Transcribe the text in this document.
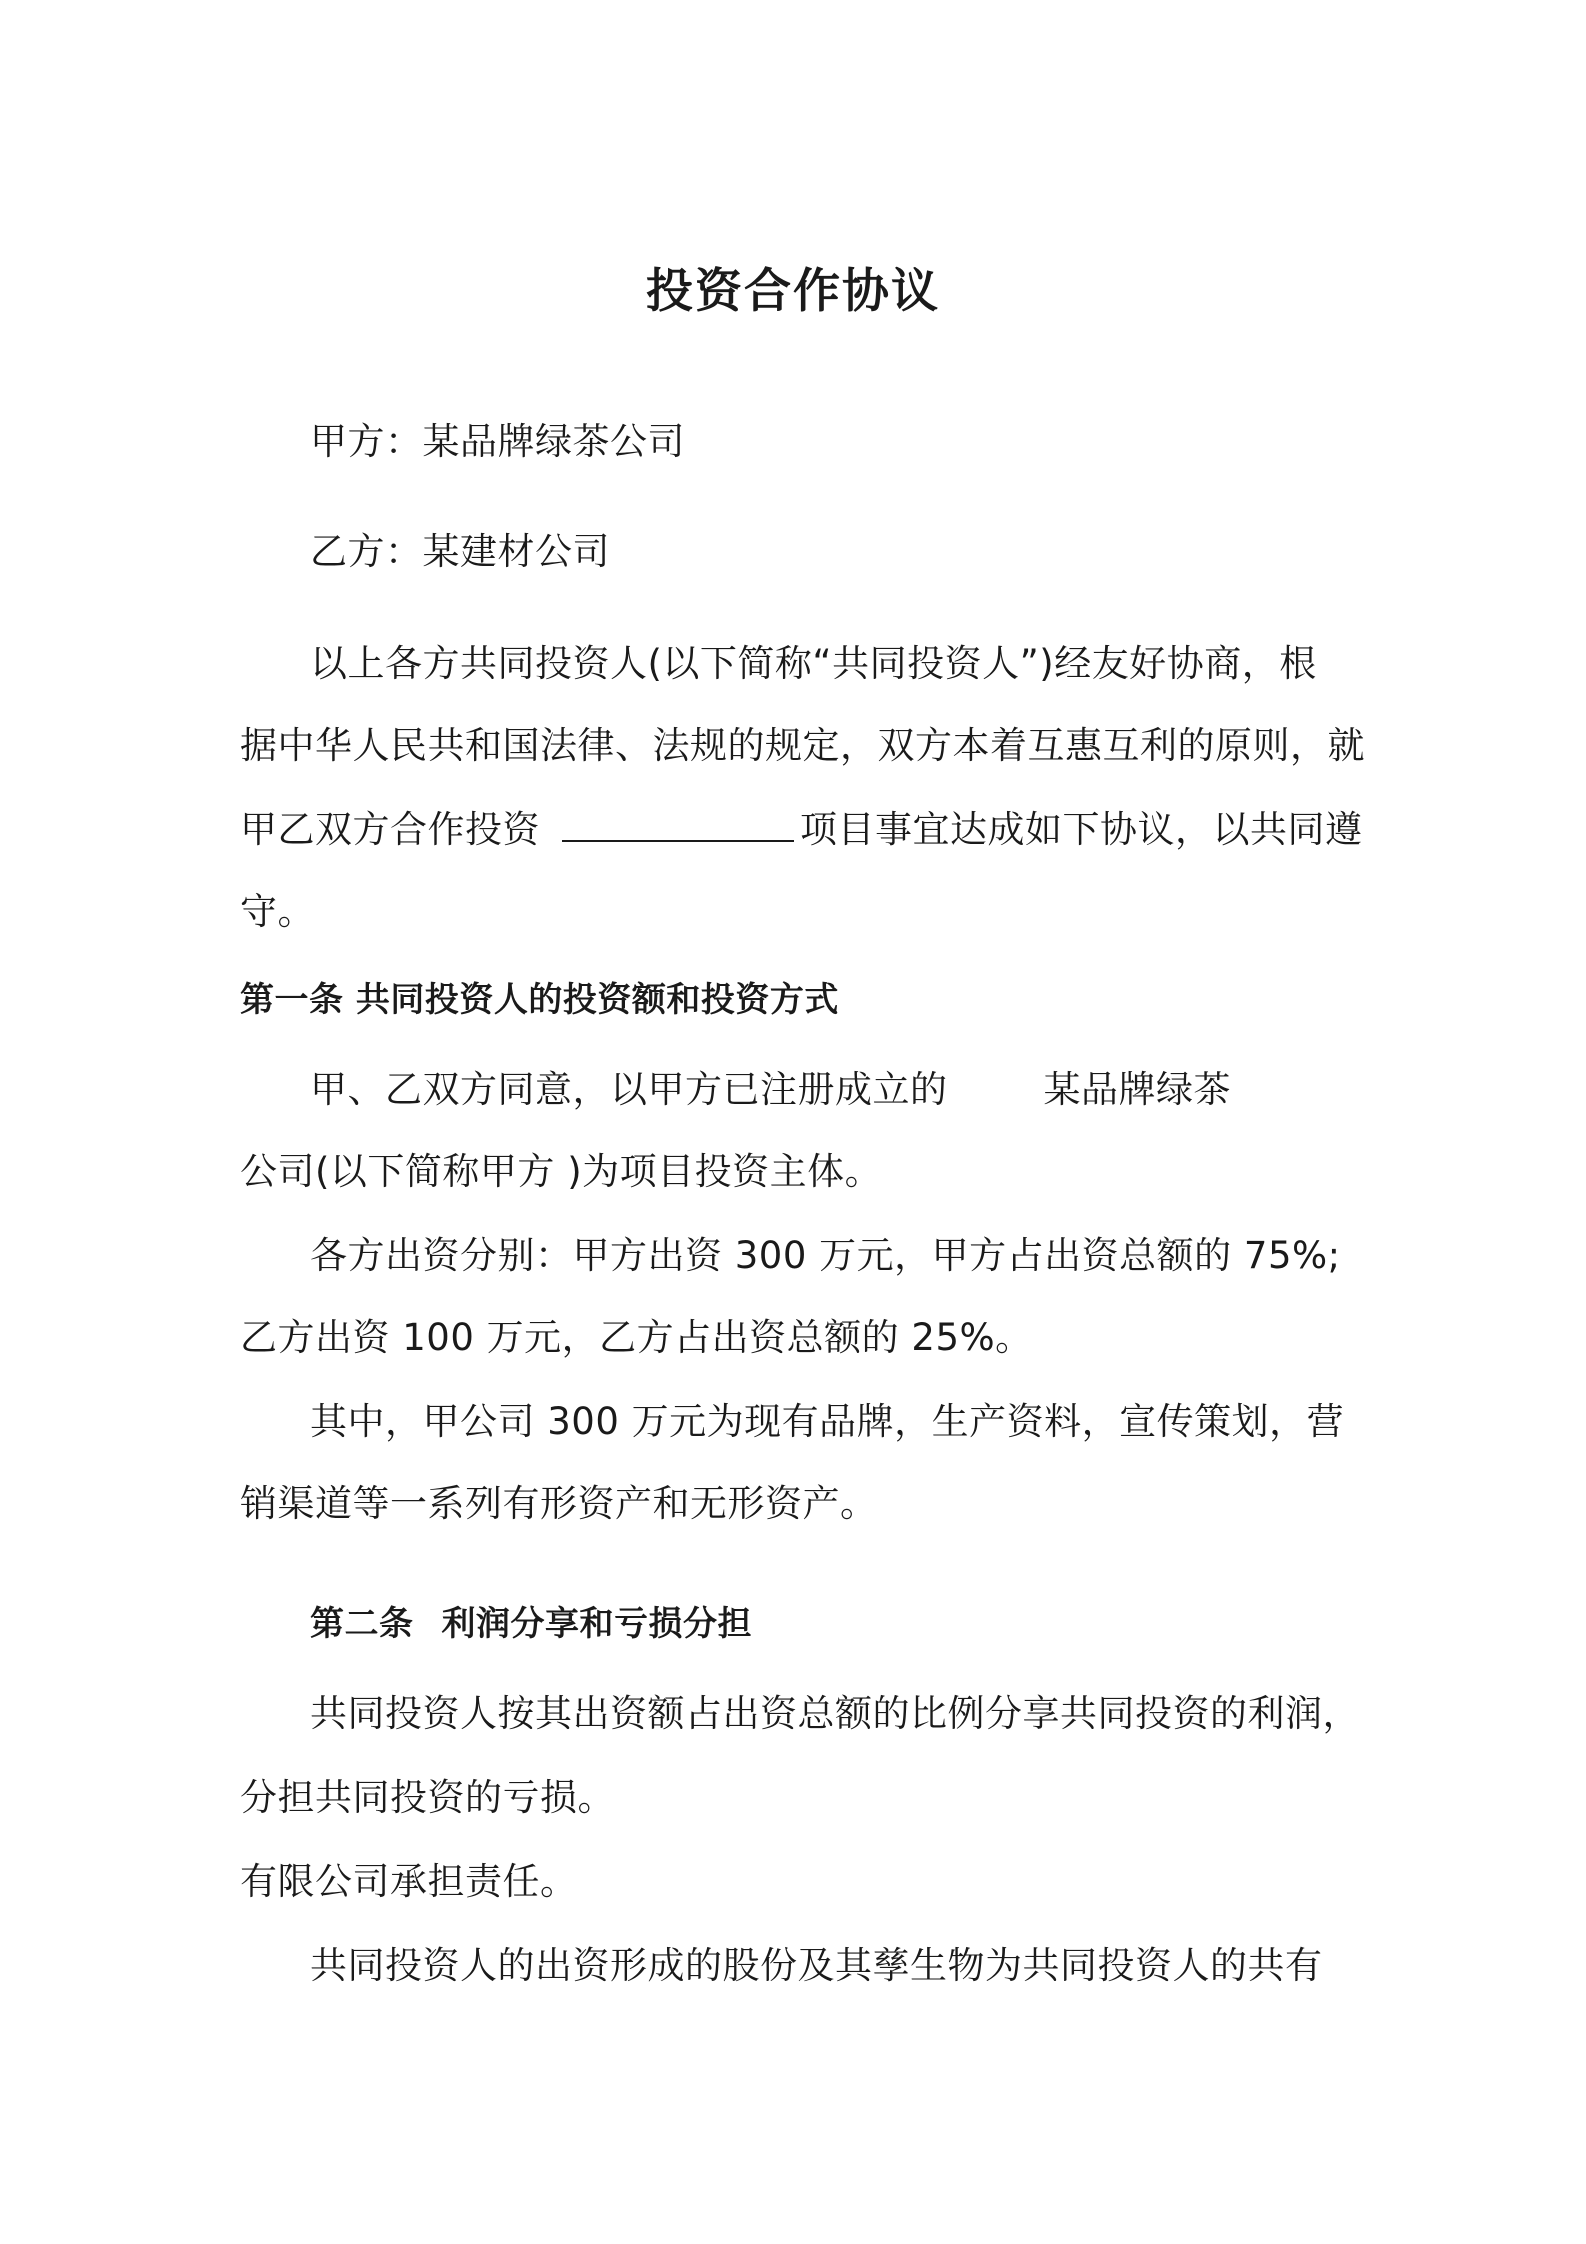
投资合作协议
甲方：某品牌绿茶公司
乙方：某建材公司
以上各方共同投资人(以下简称“共同投资人”)经友好协商，根
据中华人民共和国法律、法规的规定，双方本着互惠互利的原则，就
甲乙双方合作投资	项目事宜达成如下协议，以共同遵
守。
第一条 共同投资人的投资额和投资方式
甲、乙双方同意，以甲方已注册成立的	某品牌绿茶
公司(以下简称甲方 )为项目投资主体。
各方出资分别：甲方出资 300 万元，甲方占出资总额的 75%;
乙方出资 100 万元，乙方占出资总额的 25%。
其中，甲公司 300 万元为现有品牌，生产资料，宣传策划，营
销渠道等一系列有形资产和无形资产。
第二条 利润分享和亏损分担
共同投资人按其出资额占出资总额的比例分享共同投资的利润，
分担共同投资的亏损。
有限公司承担责任。
共同投资人的出资形成的股份及其孳生物为共同投资人的共有
